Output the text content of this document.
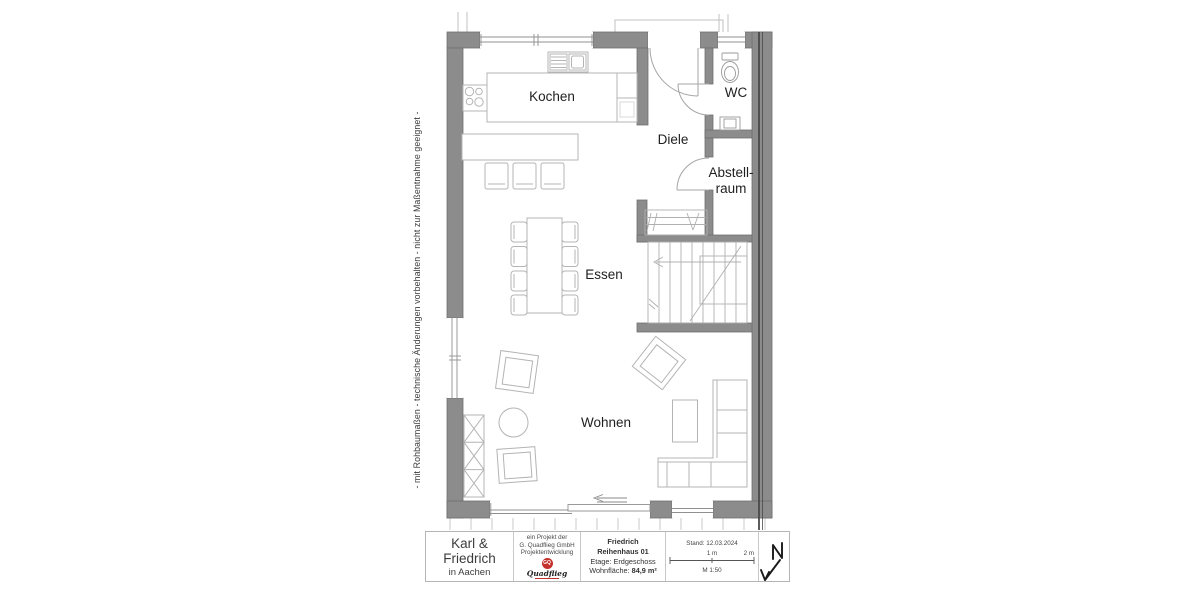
- mit Rohbaumaßen - technische Änderungen vorbehalten - nicht zur Maßentnahme geeignet -
Kochen
Diele
WC
Abstell-
raum
Essen
Wohnen
Karl & Friedrich
in Aachen
ein Projekt der
G. Quadflieg GmbH
Projektentwicklung
GQ
Quadflieg
Friedrich
Reihenhaus 01
Etage: Erdgeschoss
Wohnfläche: 84,9 m²
Stand: 12.03.2024
1 m	2 m
M 1:50
